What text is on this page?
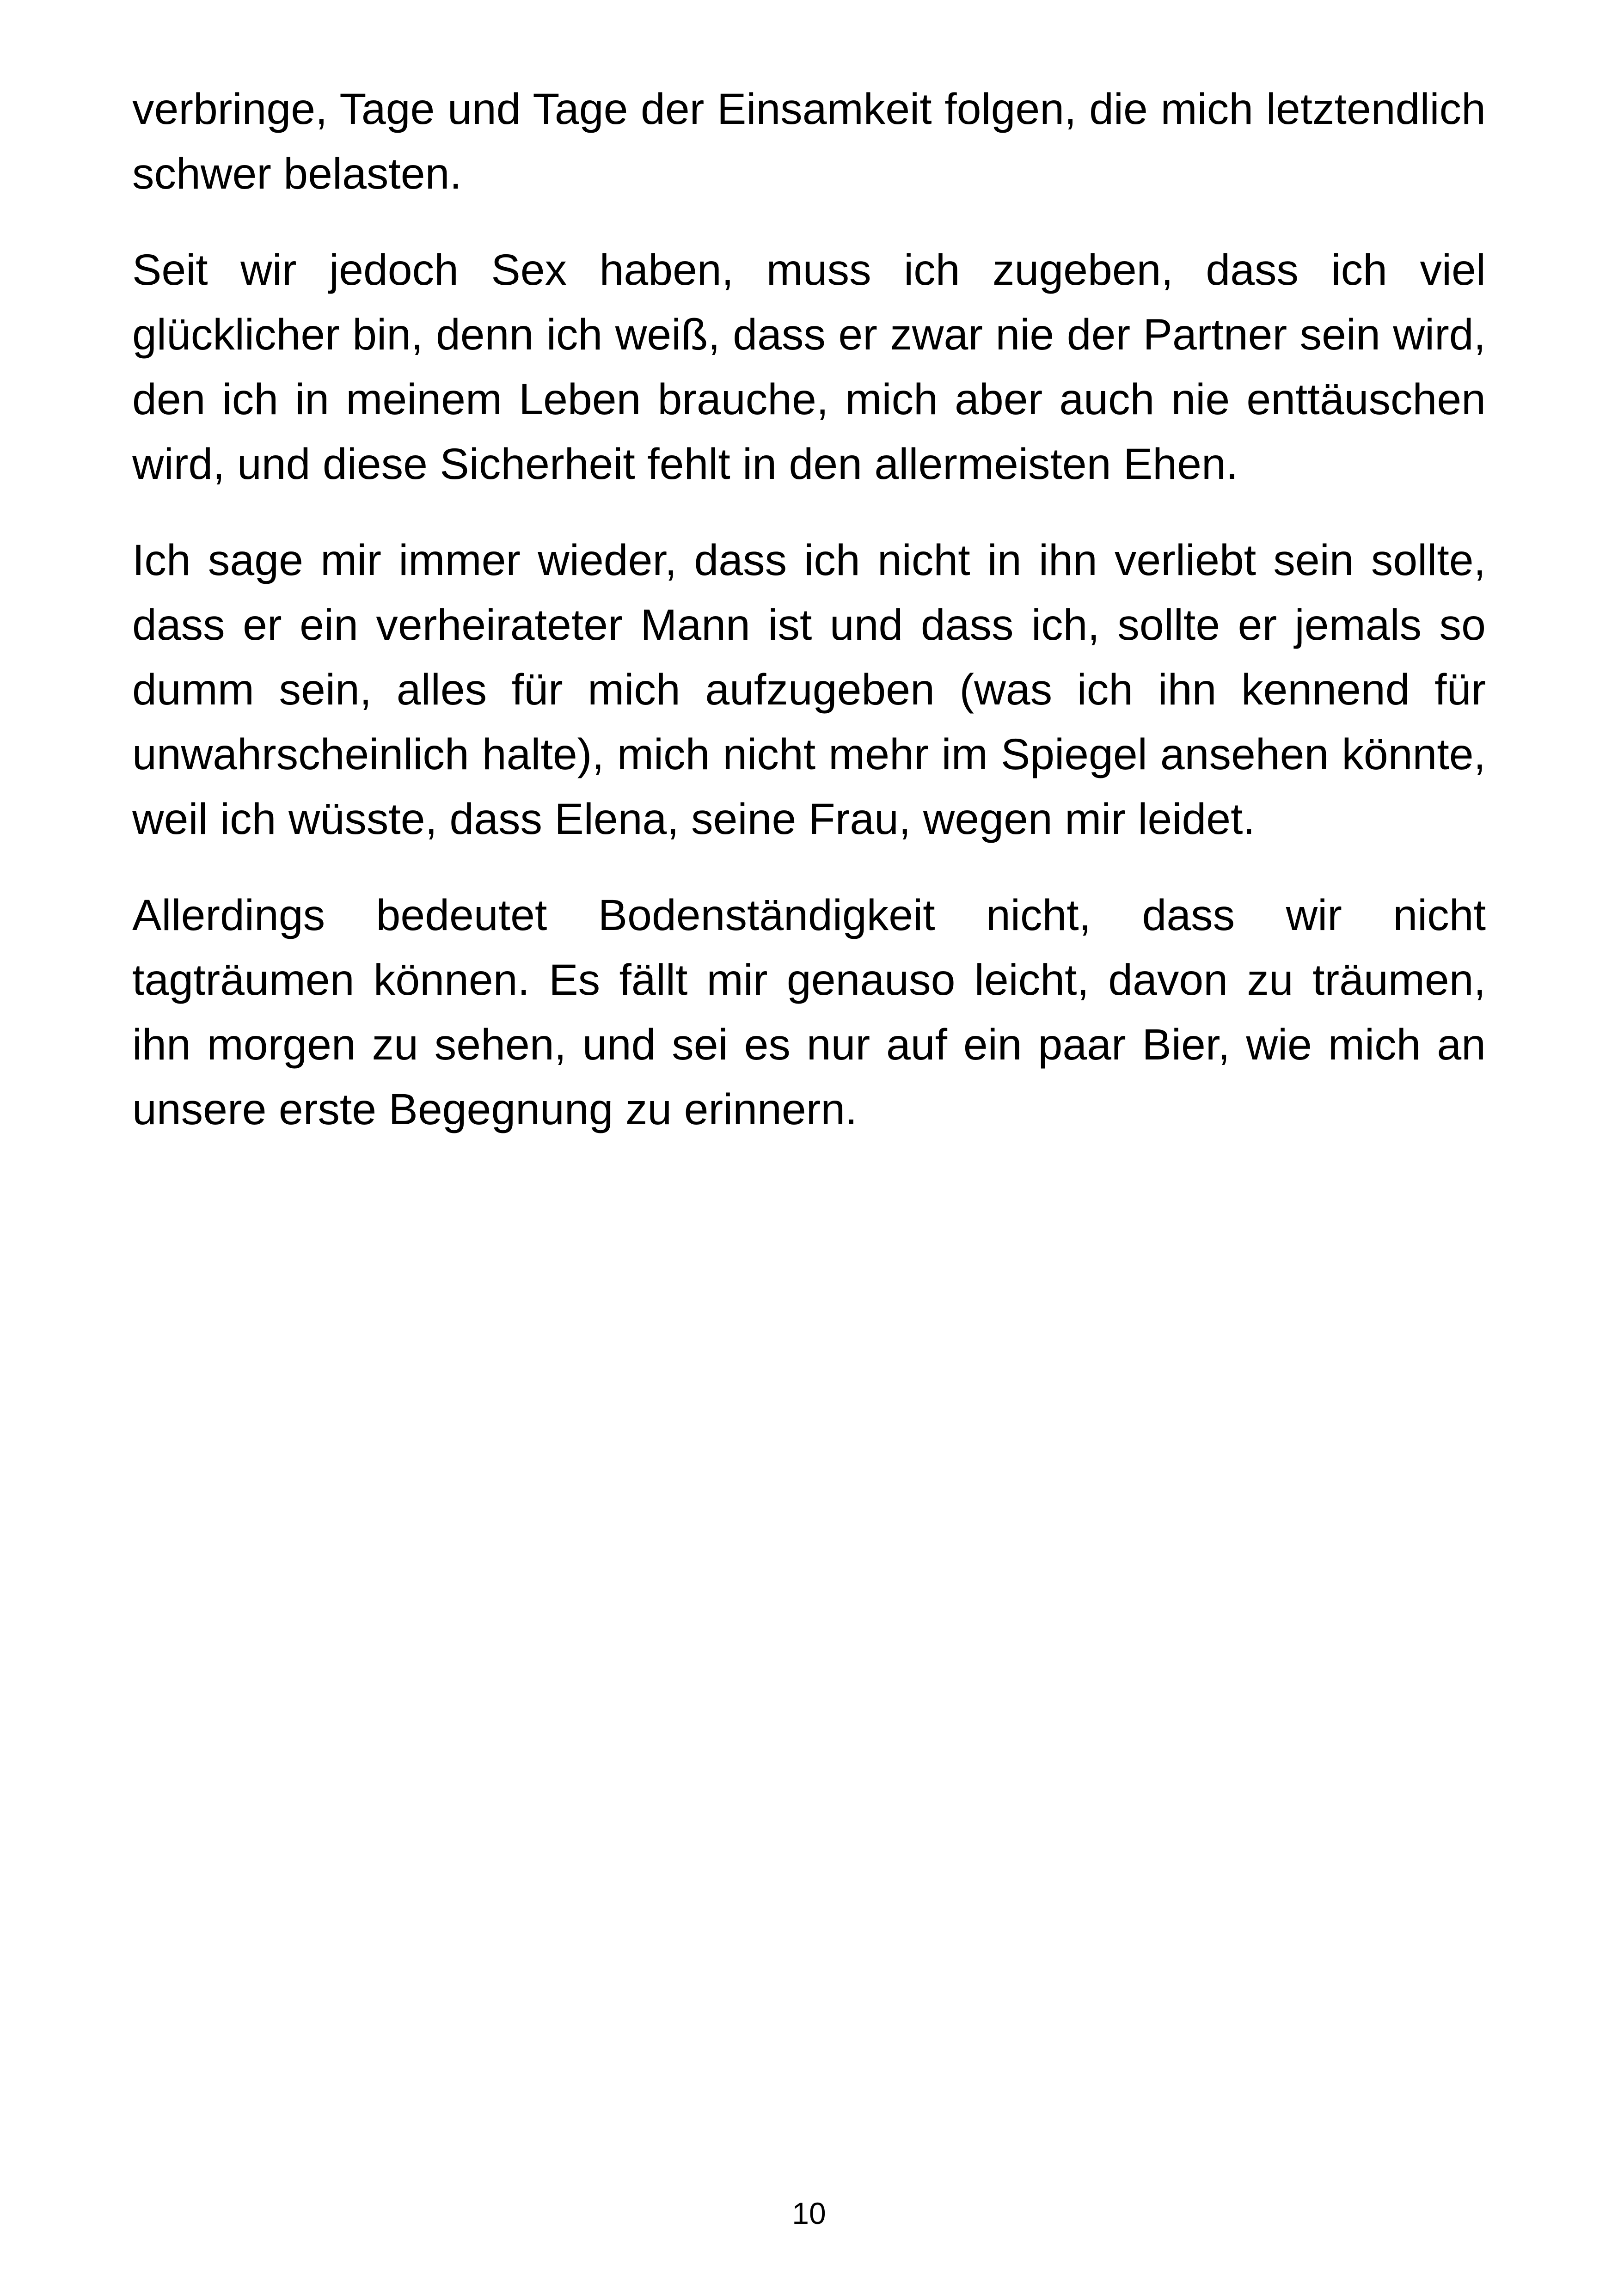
verbringe, Tage und Tage der Einsamkeit folgen, die mich letztendlich schwer belasten.

Seit wir jedoch Sex haben, muss ich zugeben, dass ich viel glücklicher bin, denn ich weiß, dass er zwar nie der Partner sein wird, den ich in meinem Leben brauche, mich aber auch nie enttäuschen wird, und diese Sicherheit fehlt in den allermeisten Ehen.

Ich sage mir immer wieder, dass ich nicht in ihn verliebt sein sollte, dass er ein verheirateter Mann ist und dass ich, sollte er jemals so dumm sein, alles für mich aufzugeben (was ich ihn kennend für unwahrscheinlich halte), mich nicht mehr im Spiegel ansehen könnte, weil ich wüsste, dass Elena, seine Frau, wegen mir leidet.

Allerdings bedeutet Bodenständigkeit nicht, dass wir nicht tagträumen können. Es fällt mir genauso leicht, davon zu träumen, ihn morgen zu sehen, und sei es nur auf ein paar Bier, wie mich an unsere erste Begegnung zu erinnern.

10
